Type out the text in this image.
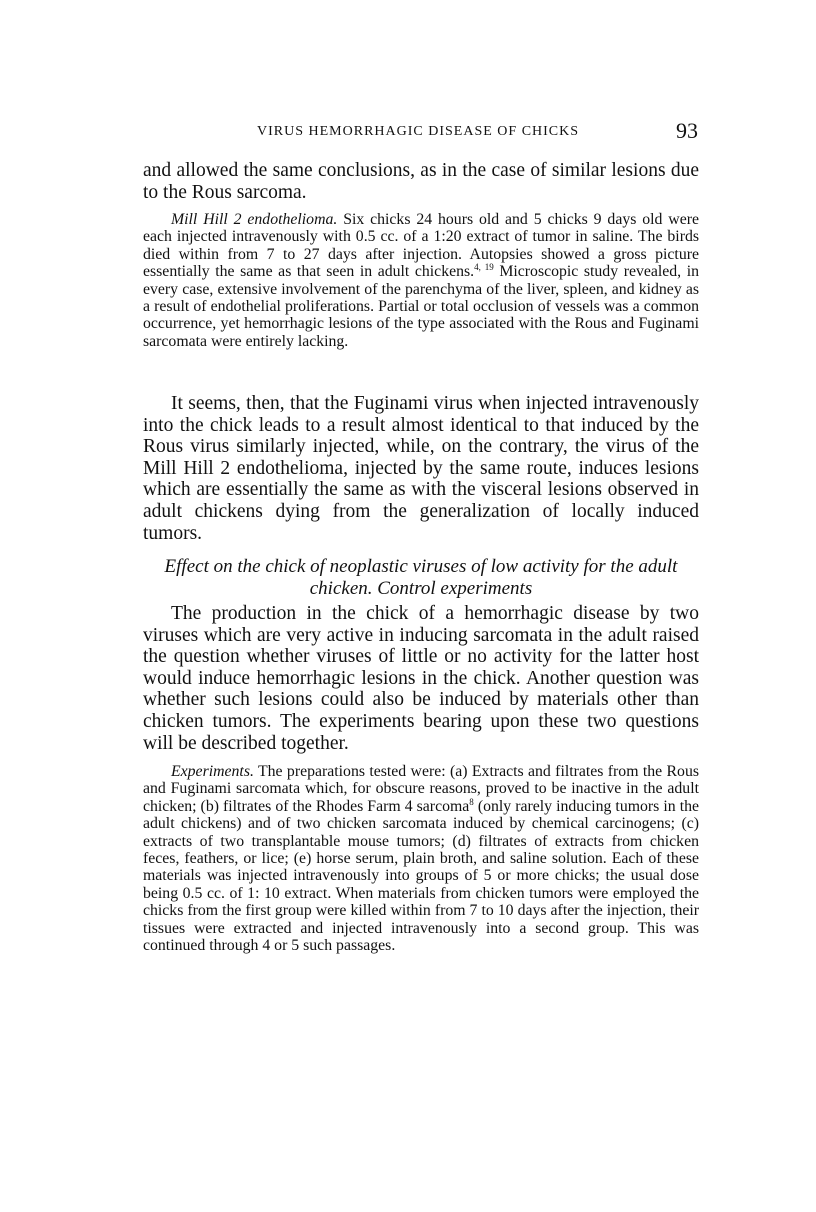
VIRUS HEMORRHAGIC DISEASE OF CHICKS	93

and allowed the same conclusions, as in the case of similar lesions due to the Rous sarcoma.

Mill Hill 2 endothelioma. Six chicks 24 hours old and 5 chicks 9 days old were each injected intravenously with 0.5 cc. of a 1:20 extract of tumor in saline. The birds died within from 7 to 27 days after injection. Autopsies showed a gross picture essentially the same as that seen in adult chickens.$^{4, 19}$ Microscopic study revealed, in every case, extensive involvement of the parenchyma of the liver, spleen, and kidney as a result of endothelial proliferations. Partial or total occlusion of vessels was a common occurrence, yet hemorrhagic lesions of the type associated with the Rous and Fuginami sarcomata were entirely lacking.

It seems, then, that the Fuginami virus when injected intravenously into the chick leads to a result almost identical to that induced by the Rous virus similarly injected, while, on the contrary, the virus of the Mill Hill 2 endothelioma, injected by the same route, induces lesions which are essentially the same as with the visceral lesions observed in adult chickens dying from the generalization of locally induced tumors.

Effect on the chick of neoplastic viruses of low activity for the adult
chicken. Control experiments

The production in the chick of a hemorrhagic disease by two viruses which are very active in inducing sarcomata in the adult raised the question whether viruses of little or no activity for the latter host would induce hemorrhagic lesions in the chick. Another question was whether such lesions could also be induced by materials other than chicken tumors. The experiments bearing upon these two questions will be described together.

Experiments. The preparations tested were: (a) Extracts and filtrates from the Rous and Fuginami sarcomata which, for obscure reasons, proved to be inactive in the adult chicken; (b) filtrates of the Rhodes Farm 4 sarcoma$^8$ (only rarely inducing tumors in the adult chickens) and of two chicken sarcomata induced by chemical carcinogens; (c) extracts of two transplantable mouse tumors; (d) filtrates of extracts from chicken feces, feathers, or lice; (e) horse serum, plain broth, and saline solution. Each of these materials was injected intravenously into groups of 5 or more chicks; the usual dose being 0.5 cc. of 1: 10 extract. When materials from chicken tumors were employed the chicks from the first group were killed within from 7 to 10 days after the injection, their tissues were extracted and injected intravenously into a second group. This was continued through 4 or 5 such passages.
